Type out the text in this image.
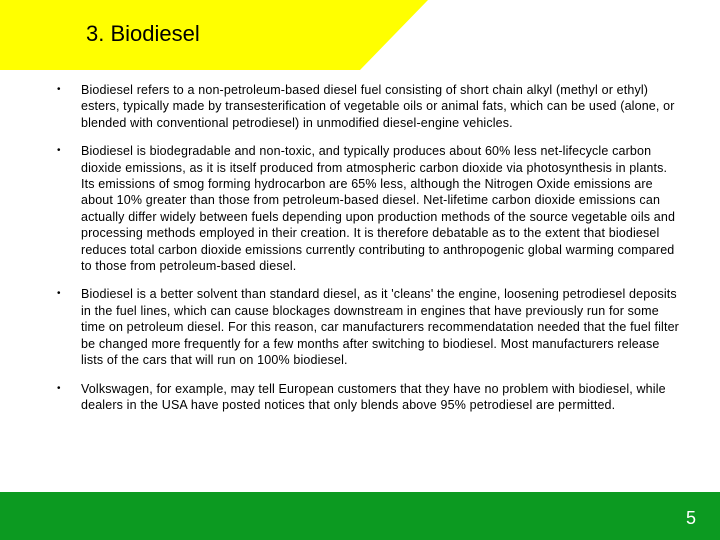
3. Biodiesel
• Biodiesel refers to a non-petroleum-based diesel fuel consisting of short chain alkyl (methyl or ethyl) esters, typically made by transesterification of vegetable oils or animal fats, which can be used (alone, or blended with conventional petrodiesel) in unmodified diesel-engine vehicles.
• Biodiesel is biodegradable and non-toxic, and typically produces about 60% less net-lifecycle carbon dioxide emissions, as it is itself produced from atmospheric carbon dioxide via photosynthesis in plants. Its emissions of smog forming hydrocarbon are 65% less, although the Nitrogen Oxide emissions are about 10% greater than those from petroleum-based diesel. Net-lifetime carbon dioxide emissions can actually differ widely between fuels depending upon production methods of the source vegetable oils and processing methods employed in their creation. It is therefore debatable as to the extent that biodiesel reduces total carbon dioxide emissions currently contributing to anthropogenic global warming compared to those from petroleum-based diesel.
• Biodiesel is a better solvent than standard diesel, as it 'cleans' the engine, loosening petrodiesel deposits in the fuel lines, which can cause blockages downstream in engines that have previously run for some time on petroleum diesel. For this reason, car manufacturers recommendatation needed that the fuel filter be changed more frequently for a few months after switching to biodiesel. Most manufacturers release lists of the cars that will run on 100% biodiesel.
• Volkswagen, for example, may tell European customers that they have no problem with biodiesel, while dealers in the USA have posted notices that only blends above 95% petrodiesel are permitted.
5
